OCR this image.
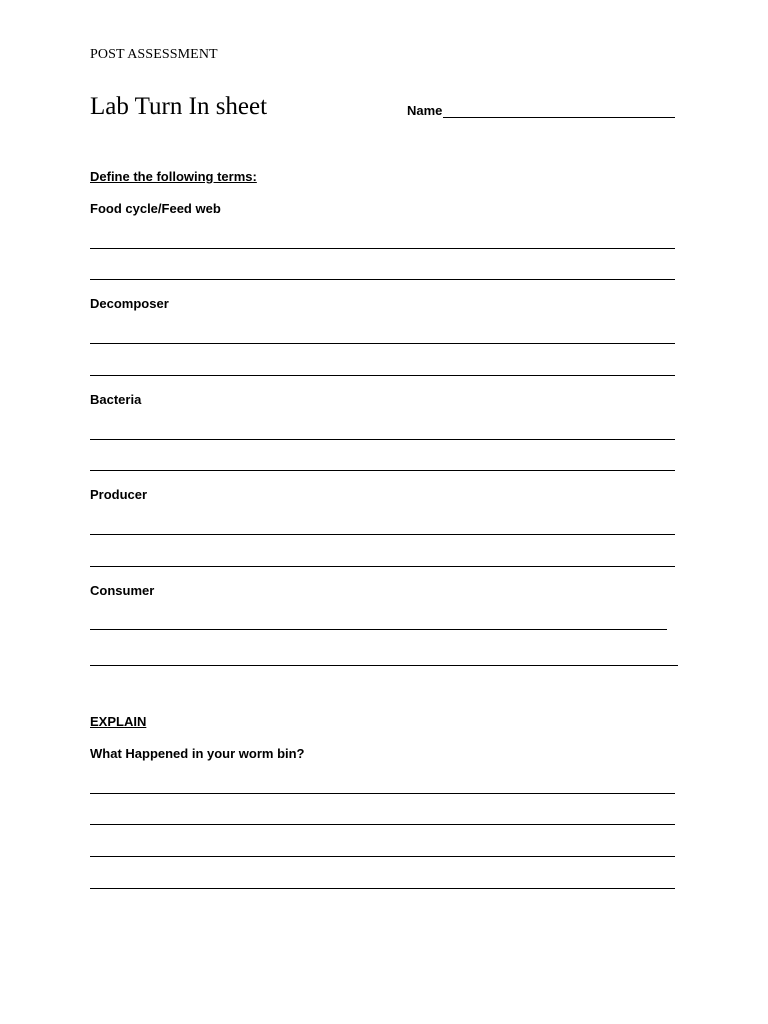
POST ASSESSMENT
Lab Turn In sheet	Name
Define the following terms:
Food cycle/Feed web
Decomposer
Bacteria
Producer
Consumer
EXPLAIN
What Happened in your worm bin?
